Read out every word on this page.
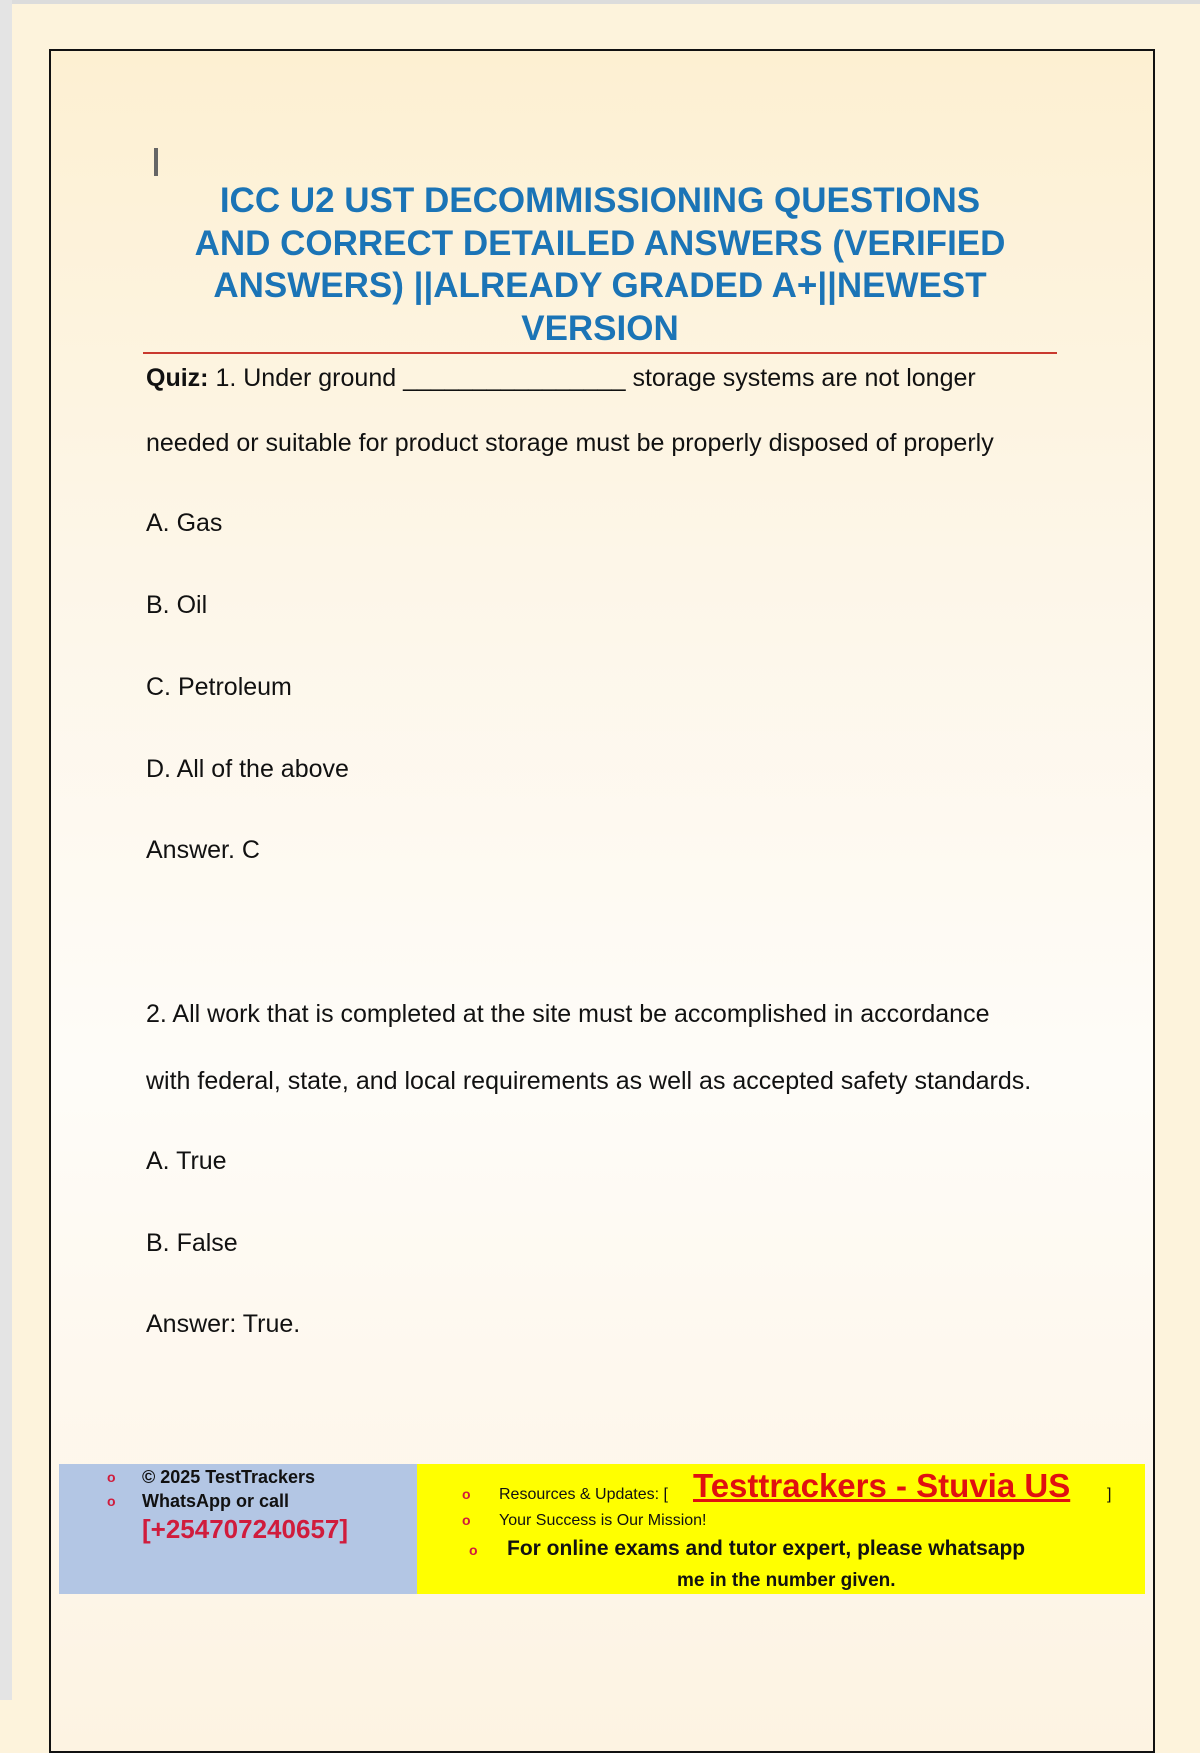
ICC U2 UST DECOMMISSIONING QUESTIONS
AND CORRECT DETAILED ANSWERS (VERIFIED
ANSWERS) ||ALREADY GRADED A+||NEWEST
VERSION
Quiz: 1. Under ground ________________ storage systems are not longer
needed or suitable for product storage must be properly disposed of properly
A. Gas
B. Oil
C. Petroleum
D. All of the above
Answer. C
2. All work that is completed at the site must be accomplished in accordance
with federal, state, and local requirements as well as accepted safety standards.
A. True
B. False
Answer: True.
o © 2025 TestTrackers
o WhatsApp or call
[+254707240657]
o Resources & Updates: [ Testtrackers - Stuvia US ]
o Your Success is Our Mission!
o For online exams and tutor expert, please whatsapp
me in the number given.
